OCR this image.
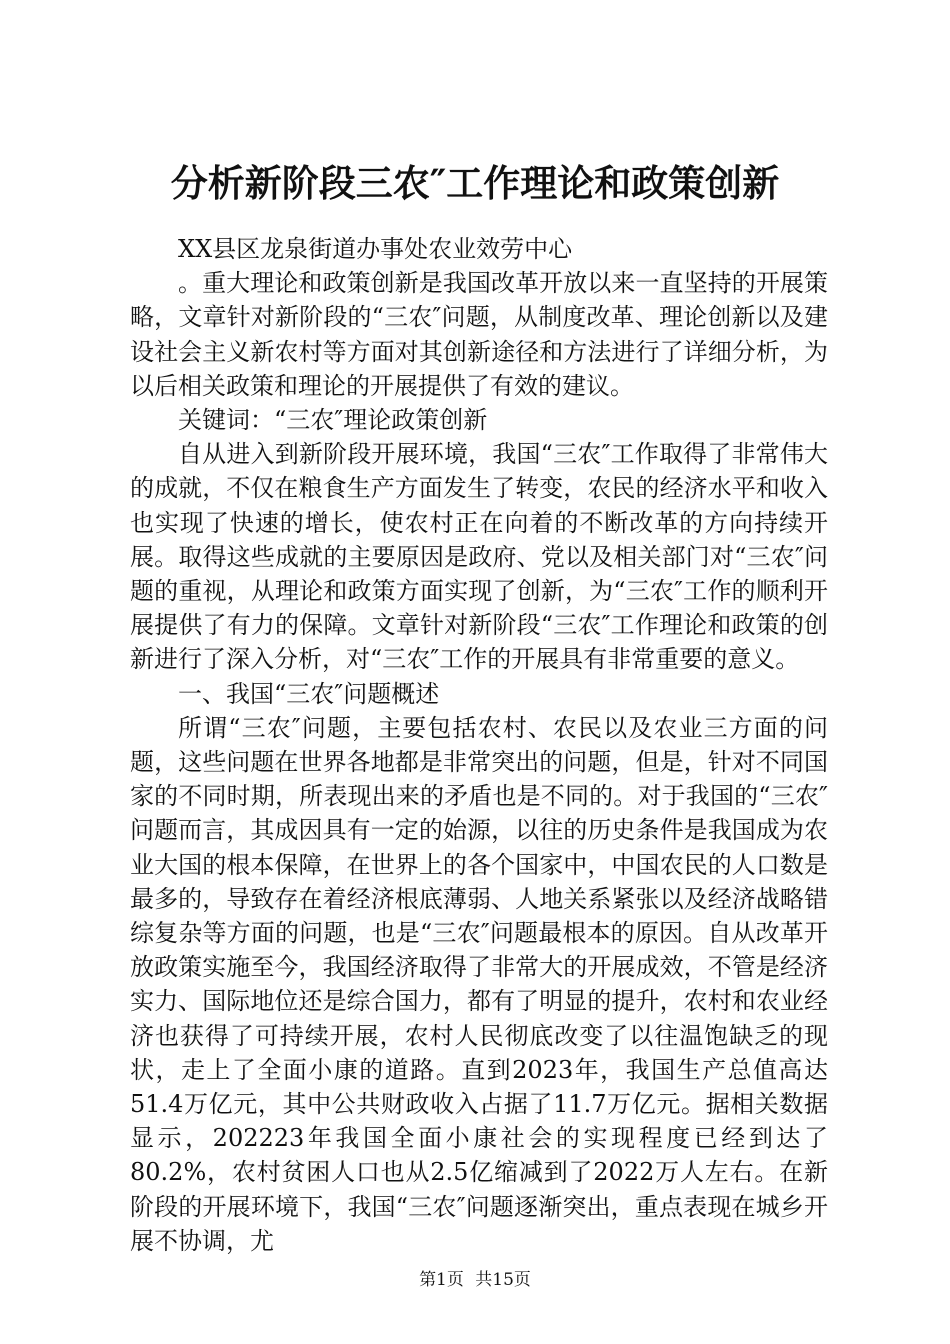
分析新阶段三农″工作理论和政策创新

XX县区龙泉街道办事处农业效劳中心

。重大理论和政策创新是我国改革开放以来一直坚持的开展策略，文章针对新阶段的“三农″问题，从制度改革、理论创新以及建设社会主义新农村等方面对其创新途径和方法进行了详细分析，为以后相关政策和理论的开展提供了有效的建议。

关键词：“三农″理论政策创新

自从进入到新阶段开展环境，我国“三农″工作取得了非常伟大的成就，不仅在粮食生产方面发生了转变，农民的经济水平和收入也实现了快速的增长，使农村正在向着的不断改革的方向持续开展。取得这些成就的主要原因是政府、党以及相关部门对“三农″问题的重视，从理论和政策方面实现了创新，为“三农″工作的顺利开展提供了有力的保障。文章针对新阶段“三农″工作理论和政策的创新进行了深入分析，对“三农″工作的开展具有非常重要的意义。

一、我国“三农″问题概述

所谓“三农″问题，主要包括农村、农民以及农业三方面的问题，这些问题在世界各地都是非常突出的问题，但是，针对不同国家的不同时期，所表现出来的矛盾也是不同的。对于我国的“三农″问题而言，其成因具有一定的始源，以往的历史条件是我国成为农业大国的根本保障，在世界上的各个国家中，中国农民的人口数是最多的，导致存在着经济根底薄弱、人地关系紧张以及经济战略错综复杂等方面的问题，也是“三农″问题最根本的原因。自从改革开放政策实施至今，我国经济取得了非常大的开展成效，不管是经济实力、国际地位还是综合国力，都有了明显的提升，农村和农业经济也获得了可持续开展，农村人民彻底改变了以往温饱缺乏的现状，走上了全面小康的道路。直到2023年，我国生产总值高达51.4万亿元，其中公共财政收入占据了11.7万亿元。据相关数据显示，202223年我国全面小康社会的实现程度已经到达了80.2%，农村贫困人口也从2.5亿缩减到了2022万人左右。在新阶段的开展环境下，我国“三农″问题逐渐突出，重点表现在城乡开展不协调，尤

第1页 共15页
